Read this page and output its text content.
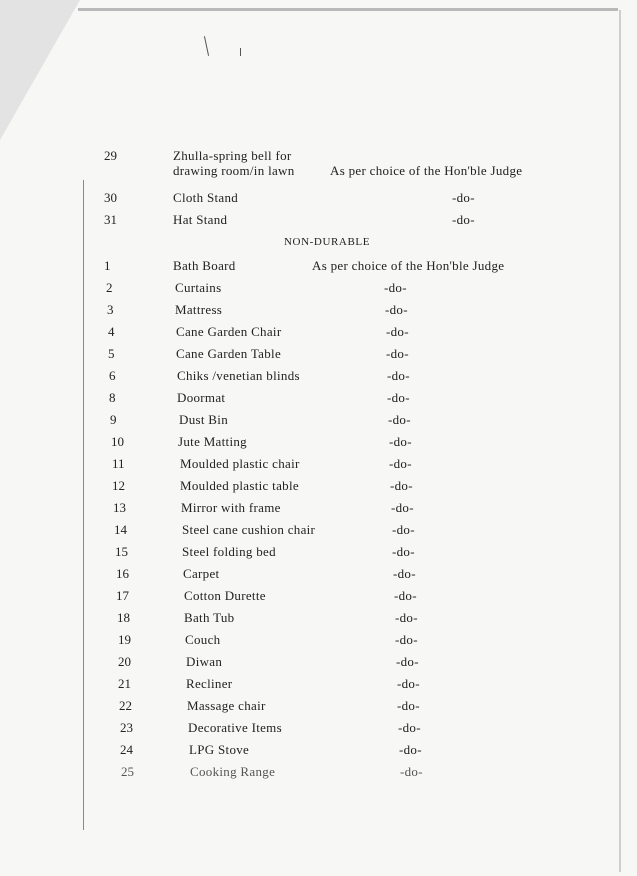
29	Zhulla-spring bell for
drawing room/in lawn	As per choice of the Hon'ble Judge
30	Cloth Stand	-do-
31	Hat Stand	-do-
NON-DURABLE
1	Bath Board	As per choice of the Hon'ble Judge
2	Curtains	-do-
3	Mattress	-do-
4	Cane Garden Chair	-do-
5	Cane Garden Table	-do-
6	Chiks /venetian blinds	-do-
8	Doormat	-do-
9	Dust Bin	-do-
10	Jute Matting	-do-
11	Moulded plastic chair	-do-
12	Moulded plastic table	-do-
13	Mirror with frame	-do-
14	Steel cane cushion chair	-do-
15	Steel folding bed	-do-
16	Carpet	-do-
17	Cotton Durette	-do-
18	Bath Tub	-do-
19	Couch	-do-
20	Diwan	-do-
21	Recliner	-do-
22	Massage chair	-do-
23	Decorative Items	-do-
24	LPG Stove	-do-
25	Cooking Range	-do-
